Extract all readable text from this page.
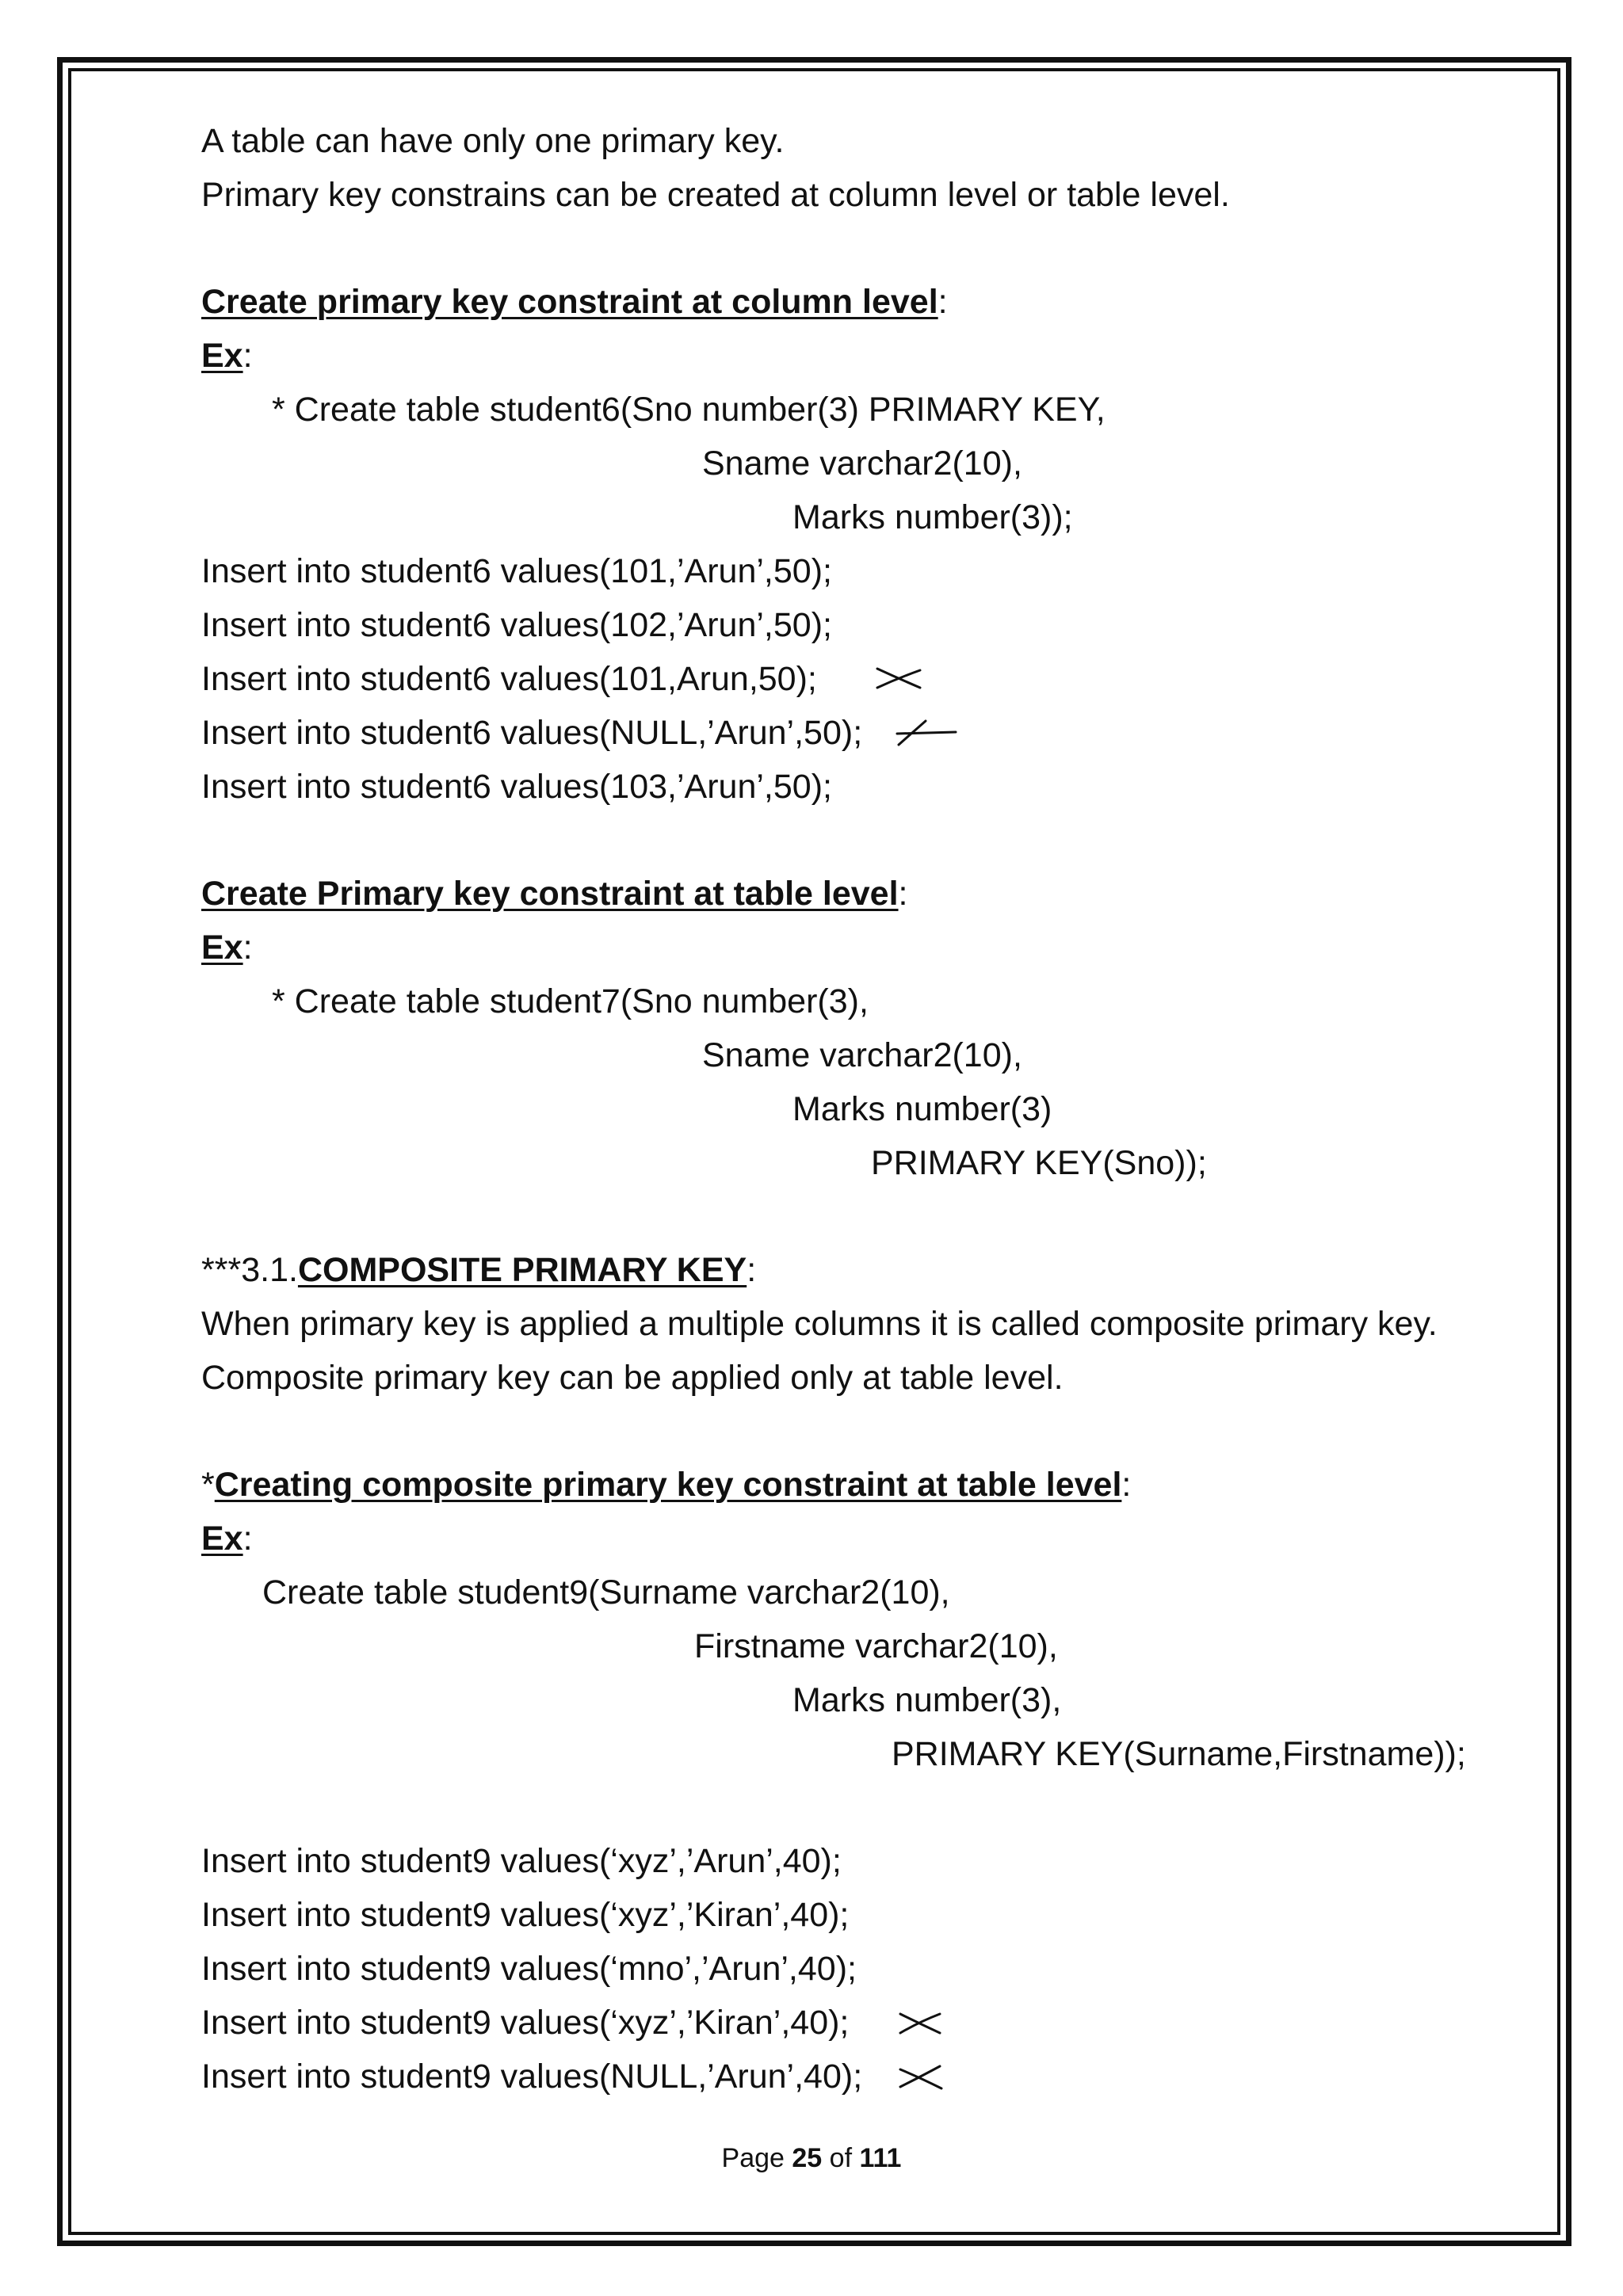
A table can have only one primary key.
Primary key constrains can be created at column level or table level.
Create primary key constraint at column level:
Ex:
* Create table student6(Sno number(3) PRIMARY KEY,
Sname varchar2(10),
Marks number(3));
Insert into student6 values(101,’Arun’,50);
Insert into student6 values(102,’Arun’,50);
Insert into student6 values(101,Arun,50);
Insert into student6 values(NULL,’Arun’,50);
Insert into student6 values(103,’Arun’,50);
Create Primary key constraint at table level:
Ex:
* Create table student7(Sno number(3),
Sname varchar2(10),
Marks number(3)
PRIMARY KEY(Sno));
***3.1.COMPOSITE PRIMARY KEY:
When primary key is applied a multiple columns it is called composite primary key.
Composite primary key can be applied only at table level.
*Creating composite primary key constraint at table level:
Ex:
Create table student9(Surname varchar2(10),
Firstname varchar2(10),
Marks number(3),
PRIMARY KEY(Surname,Firstname));
Insert into student9 values(‘xyz’,’Arun’,40);
Insert into student9 values(‘xyz’,’Kiran’,40);
Insert into student9 values(‘mno’,’Arun’,40);
Insert into student9 values(‘xyz’,’Kiran’,40);
Insert into student9 values(NULL,’Arun’,40);
Page 25 of 111
